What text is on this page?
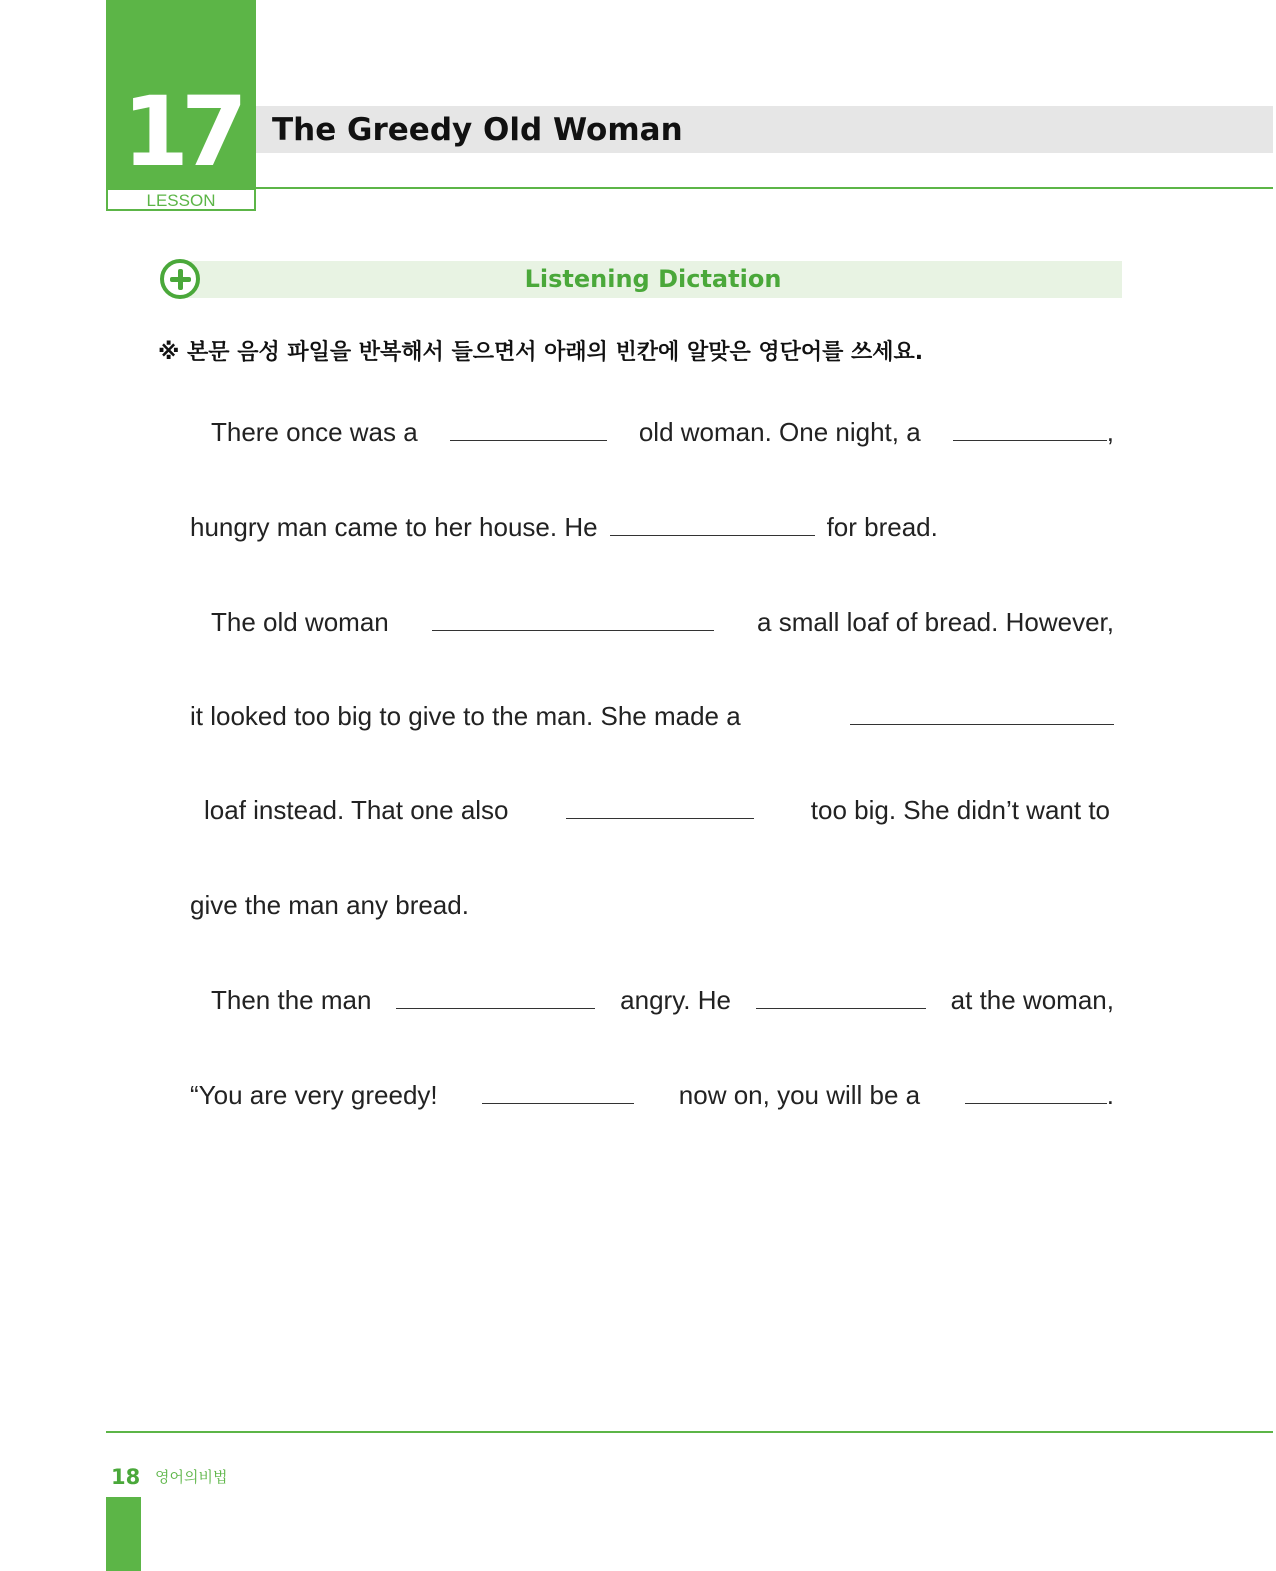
17
LESSON
The Greedy Old Woman
Listening Dictation
※ 본문 음성 파일을 반복해서 들으면서 아래의 빈칸에 알맞은 영단어를 쓰세요.
There once was a	old woman. One night, a	,
hungry man came to her house. He	for bread.
The old woman	a small loaf of bread. However,
it looked too big to give to the man. She made a
loaf instead. That one also	too big. She didn’t want to
give the man any bread.
Then the man	angry. He	at the woman,
“You are very greedy!	now on, you will be a	.
18 영어의비법
